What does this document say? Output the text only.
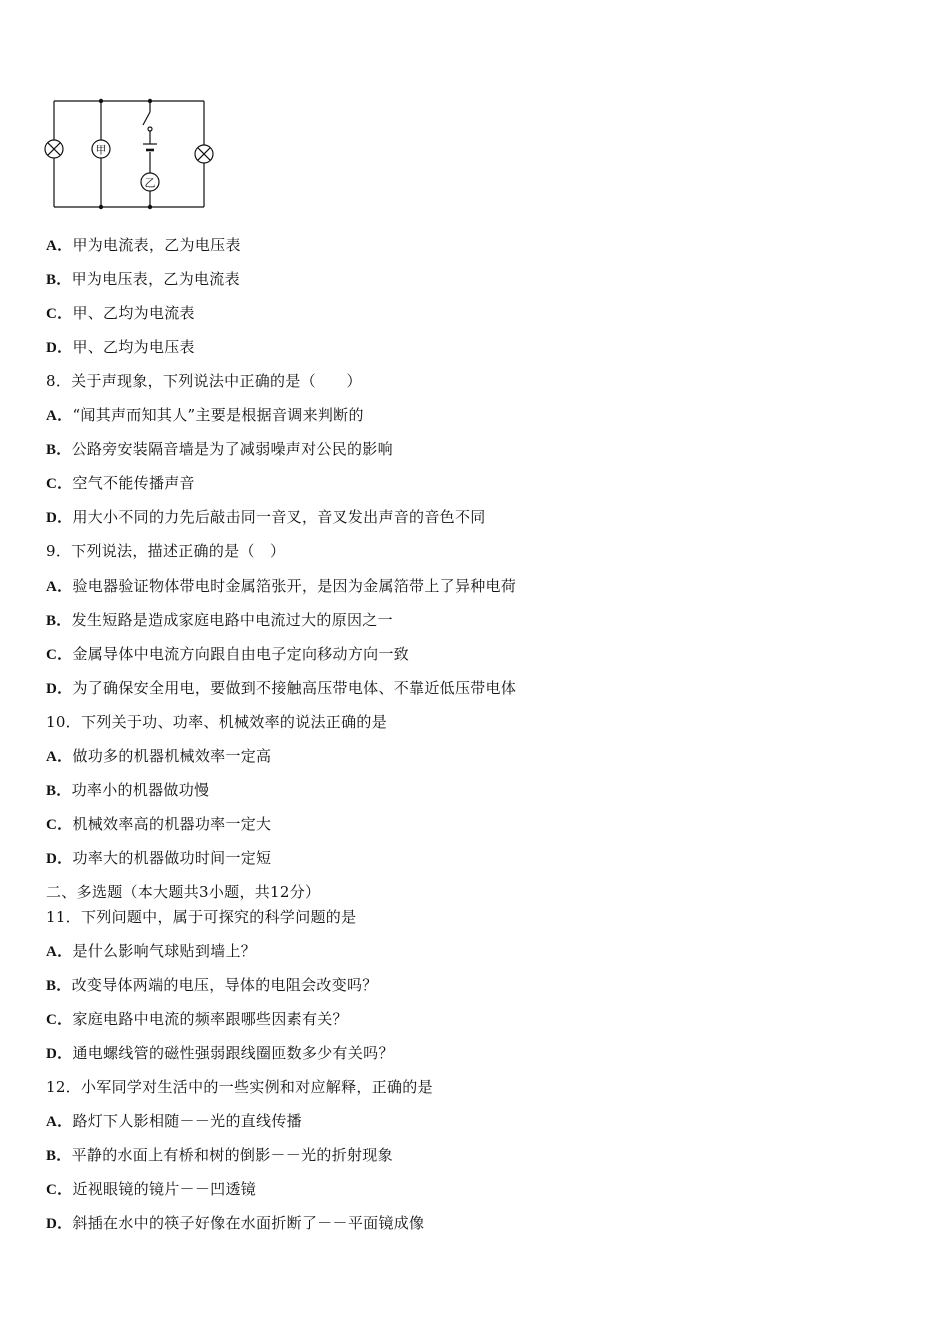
甲
乙
A．甲为电流表，乙为电压表
B．甲为电压表，乙为电流表
C．甲、乙均为电流表
D．甲、乙均为电压表
8．关于声现象，下列说法中正确的是（　　）
A．“闻其声而知其人”主要是根据音调来判断的
B．公路旁安装隔音墙是为了减弱噪声对公民的影响
C．空气不能传播声音
D．用大小不同的力先后敲击同一音叉，音叉发出声音的音色不同
9．下列说法，描述正确的是（　）
A．验电器验证物体带电时金属箔张开，是因为金属箔带上了异种电荷
B．发生短路是造成家庭电路中电流过大的原因之一
C．金属导体中电流方向跟自由电子定向移动方向一致
D．为了确保安全用电，要做到不接触高压带电体、不靠近低压带电体
10．下列关于功、功率、机械效率的说法正确的是
A．做功多的机器机械效率一定高
B．功率小的机器做功慢
C．机械效率高的机器功率一定大
D．功率大的机器做功时间一定短
二、多选题（本大题共3小题，共12分）
11．下列问题中，属于可探究的科学问题的是
A．是什么影响气球贴到墙上？
B．改变导体两端的电压，导体的电阻会改变吗？
C．家庭电路中电流的频率跟哪些因素有关？
D．通电螺线管的磁性强弱跟线圈匝数多少有关吗？
12．小军同学对生活中的一些实例和对应解释，正确的是
A．路灯下人影相随－－光的直线传播
B．平静的水面上有桥和树的倒影－－光的折射现象
C．近视眼镜的镜片－－凹透镜
D．斜插在水中的筷子好像在水面折断了－－平面镜成像
